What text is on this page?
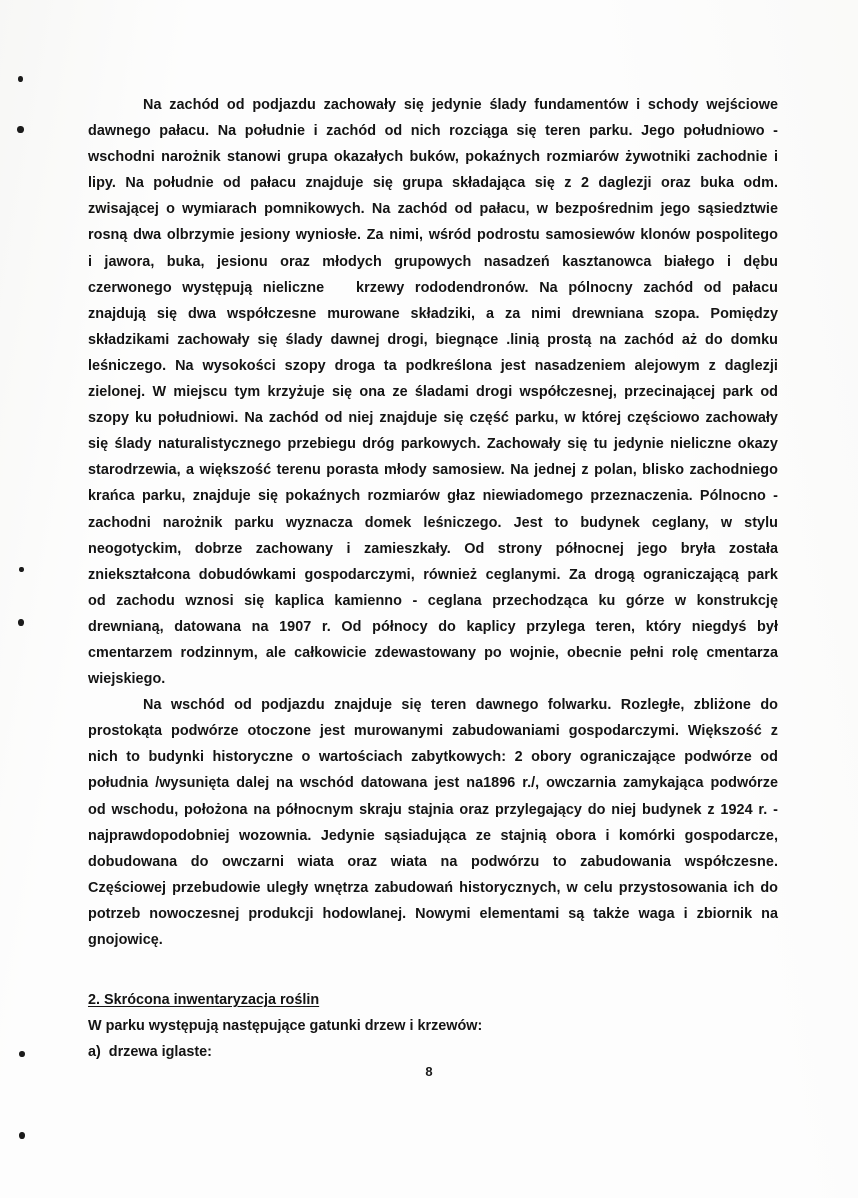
Na zachód od podjazdu zachowały się jedynie ślady fundamentów i schody wejściowe
dawnego pałacu. Na południe i zachód od nich rozciąga się teren parku. Jego południowo -
wschodni narożnik stanowi grupa okazałych buków, pokaźnych rozmiarów żywotniki zachodnie i
lipy. Na południe od pałacu znajduje się grupa składająca się z 2 daglezji oraz buka odm.
zwisającej o wymiarach pomnikowych. Na zachód od pałacu, w bezpośrednim jego sąsiedztwie
rosną dwa olbrzymie jesiony wyniosłe. Za nimi, wśród podrostu samosiewów klonów pospolitego
i jawora, buka, jesionu oraz młodych grupowych nasadzeń kasztanowca białego i dębu
czerwonego występują nieliczne   krzewy rododendronów. Na pólnocny zachód od pałacu
znajdują się dwa współczesne murowane składziki, a za nimi drewniana szopa. Pomiędzy
składzikami zachowały się ślady dawnej drogi, biegnące .linią prostą na zachód aż do domku
leśniczego. Na wysokości szopy droga ta podkreślona jest nasadzeniem alejowym z daglezji
zielonej. W miejscu tym krzyżuje się ona ze śladami drogi współczesnej, przecinającej park od
szopy ku południowi. Na zachód od niej znajduje się część parku, w której częściowo zachowały
się ślady naturalistycznego przebiegu dróg parkowych. Zachowały się tu jedynie nieliczne okazy
starodrzewia, a większość terenu porasta młody samosiew. Na jednej z polan, blisko zachodniego
krańca parku, znajduje się pokaźnych rozmiarów głaz niewiadomego przeznaczenia. Pólnocno -
zachodni narożnik parku wyznacza domek leśniczego. Jest to budynek ceglany, w stylu
neogotyckim, dobrze zachowany i zamieszkały. Od strony północnej jego bryła została
zniekształcona dobudówkami gospodarczymi, również ceglanymi. Za drogą ograniczającą park
od zachodu wznosi się kaplica kamienno - ceglana przechodząca ku górze w konstrukcję
drewnianą, datowana na 1907 r. Od północy do kaplicy przylega teren, który niegdyś był
cmentarzem rodzinnym, ale całkowicie zdewastowany po wojnie, obecnie pełni rolę cmentarza
wiejskiego.

Na wschód od podjazdu znajduje się teren dawnego folwarku. Rozległe, zbliżone do
prostokąta podwórze otoczone jest murowanymi zabudowaniami gospodarczymi. Większość z
nich to budynki historyczne o wartościach zabytkowych: 2 obory ograniczające podwórze od
południa /wysunięta dalej na wschód datowana jest na1896 r./, owczarnia zamykająca podwórze
od wschodu, położona na północnym skraju stajnia oraz przylegający do niej budynek z 1924 r. -
najprawdopodobniej wozownia. Jedynie sąsiadująca ze stajnią obora i komórki gospodarcze,
dobudowana do owczarni wiata oraz wiata na podwórzu to zabudowania współczesne.
Częściowej przebudowie uległy wnętrza zabudowań historycznych, w celu przystosowania ich do
potrzeb nowoczesnej produkcji hodowlanej. Nowymi elementami są także waga i zbiornik na
gnojowicę.

2. Skrócona inwentaryzacja roślin

W parku występują następujące gatunki drzew i krzewów:

a)  drzewa iglaste:

8
